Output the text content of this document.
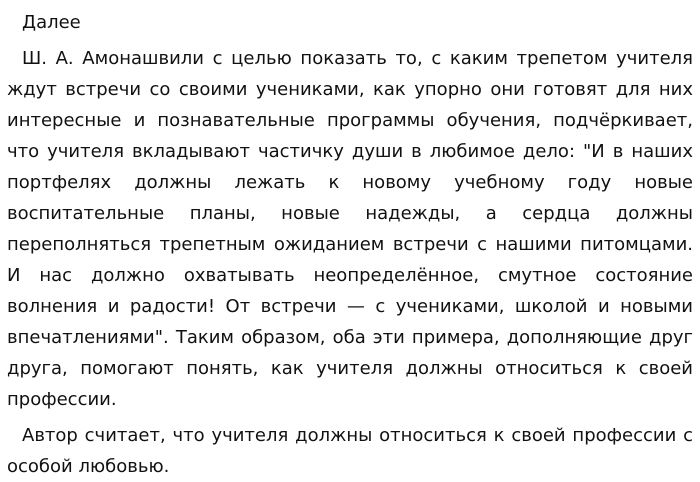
Далее

Ш. А. Амонашвили с целью показать то, с каким трепетом учителя ждут встречи со своими учениками, как упорно они готовят для них интересные и познавательные программы обучения, подчёркивает, что учителя вкладывают частичку души в любимое дело: "И в наших портфелях должны лежать к новому учебному году новые воспитательные планы, новые надежды, а сердца должны переполняться трепетным ожиданием встречи с нашими питомцами. И нас должно охватывать неопределённое, смутное состояние волнения и радости! От встречи — с учениками, школой и новыми впечатлениями". Таким образом, оба эти примера, дополняющие друг друга, помогают понять, как учителя должны относиться к своей профессии.

Автор считает, что учителя должны относиться к своей профессии с особой любовью.
